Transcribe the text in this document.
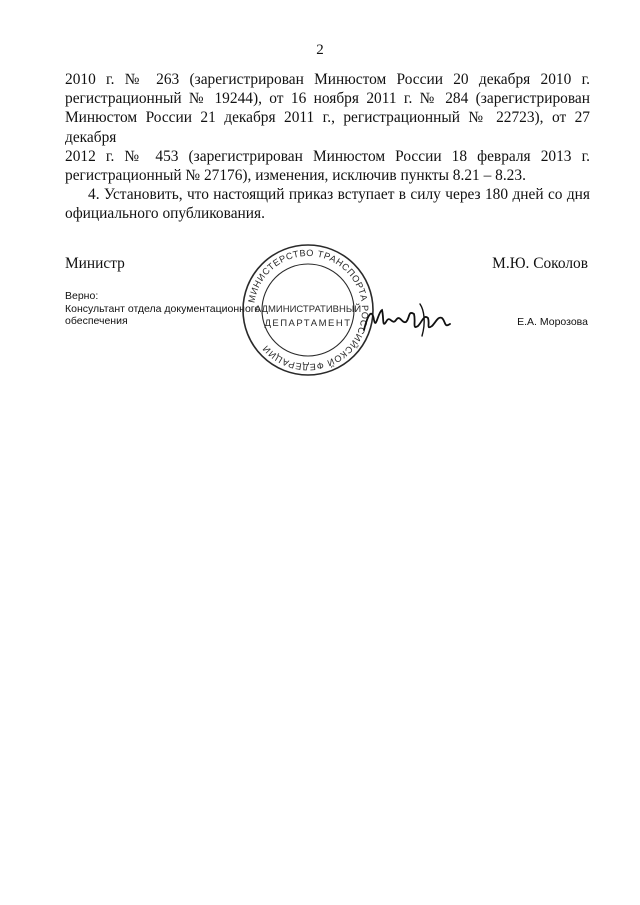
2
2010 г. № 263 (зарегистрирован Минюстом России 20 декабря 2010 г.
регистрационный № 19244), от 16 ноября 2011 г. № 284 (зарегистрирован
Минюстом России 21 декабря 2011 г., регистрационный № 22723), от 27 декабря
2012 г. № 453 (зарегистрирован Минюстом России 18 февраля 2013 г.
регистрационный № 27176), изменения, исключив пункты 8.21 – 8.23.

4. Установить, что настоящий приказ вступает в силу через 180 дней со дня официального опубликования.

Министр	М.Ю. Соколов
Верно:
Консультант отдела документационного
обеспечения	Е.А. Морозова
МИНИСТЕРСТВО ТРАНСПОРТА РОССИЙСКОЙ ФЕДЕРАЦИИ
АДМИНИСТРАТИВНЫЙ
ДЕПАРТАМЕНТ
